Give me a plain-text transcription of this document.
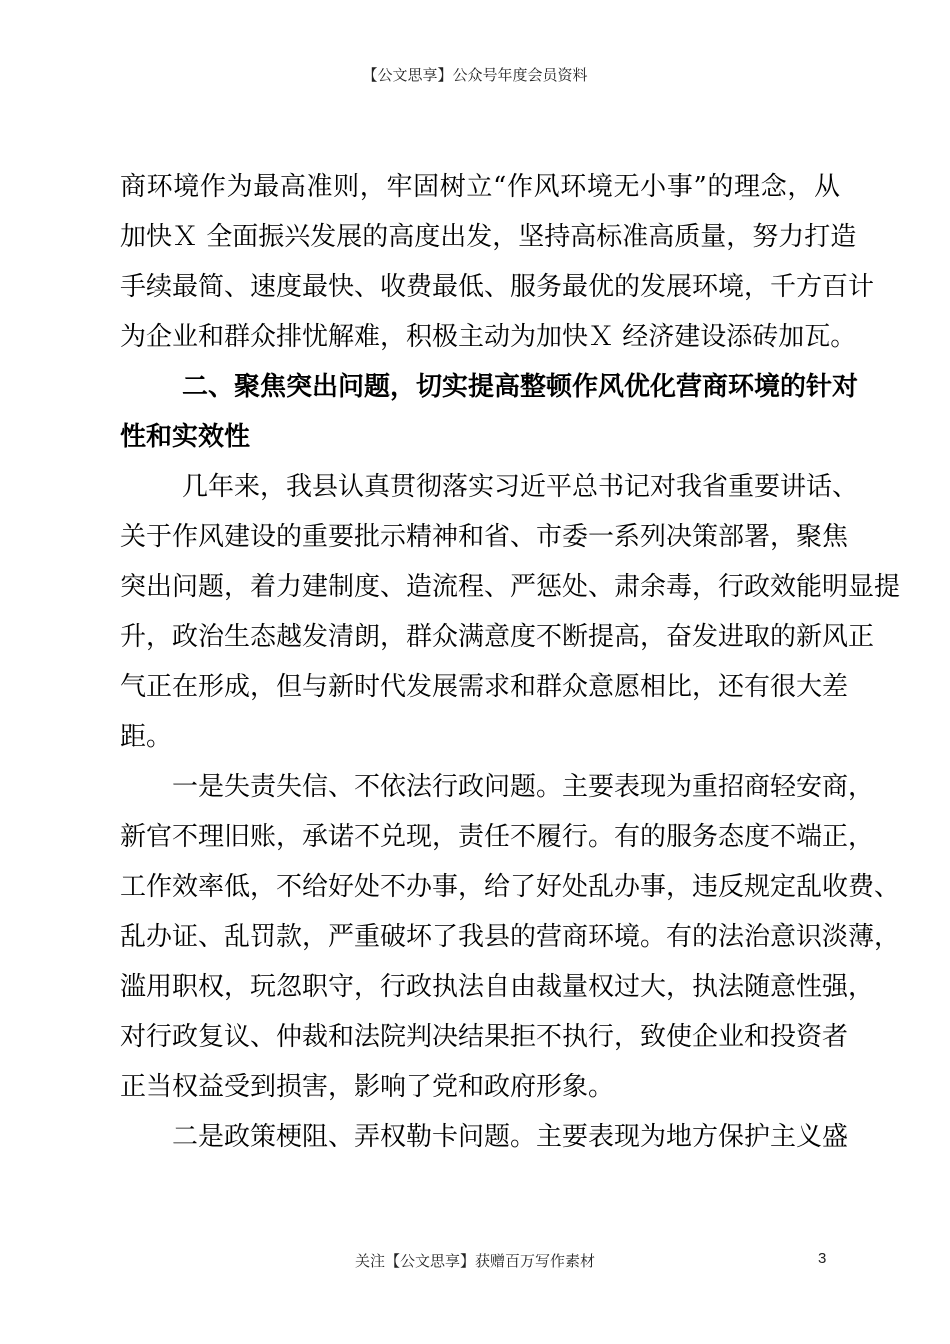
【公文思享】公众号年度会员资料
商环境作为最高准则，牢固树立“作风环境无小事”的理念，从
加快Ｘ 全面振兴发展的高度出发，坚持高标准高质量，努力打造
手续最简、速度最快、收费最低、服务最优的发展环境，千方百计
为企业和群众排忧解难，积极主动为加快Ｘ 经济建设添砖加瓦。
二、聚焦突出问题，切实提高整顿作风优化营商环境的针对
性和实效性
几年来，我县认真贯彻落实习近平总书记对我省重要讲话、
关于作风建设的重要批示精神和省、市委一系列决策部署，聚焦
突出问题，着力建制度、造流程、严惩处、肃余毒，行政效能明显提
升，政治生态越发清朗，群众满意度不断提高，奋发进取的新风正
气正在形成，但与新时代发展需求和群众意愿相比，还有很大差
距。
一是失责失信、不依法行政问题。主要表现为重招商轻安商，
新官不理旧账，承诺不兑现，责任不履行。有的服务态度不端正，
工作效率低，不给好处不办事，给了好处乱办事，违反规定乱收费、
乱办证、乱罚款，严重破坏了我县的营商环境。有的法治意识淡薄，
滥用职权，玩忽职守，行政执法自由裁量权过大，执法随意性强，
对行政复议、仲裁和法院判决结果拒不执行，致使企业和投资者
正当权益受到损害，影响了党和政府形象。
二是政策梗阻、弄权勒卡问题。主要表现为地方保护主义盛
关注【公文思享】获赠百万写作素材	3
